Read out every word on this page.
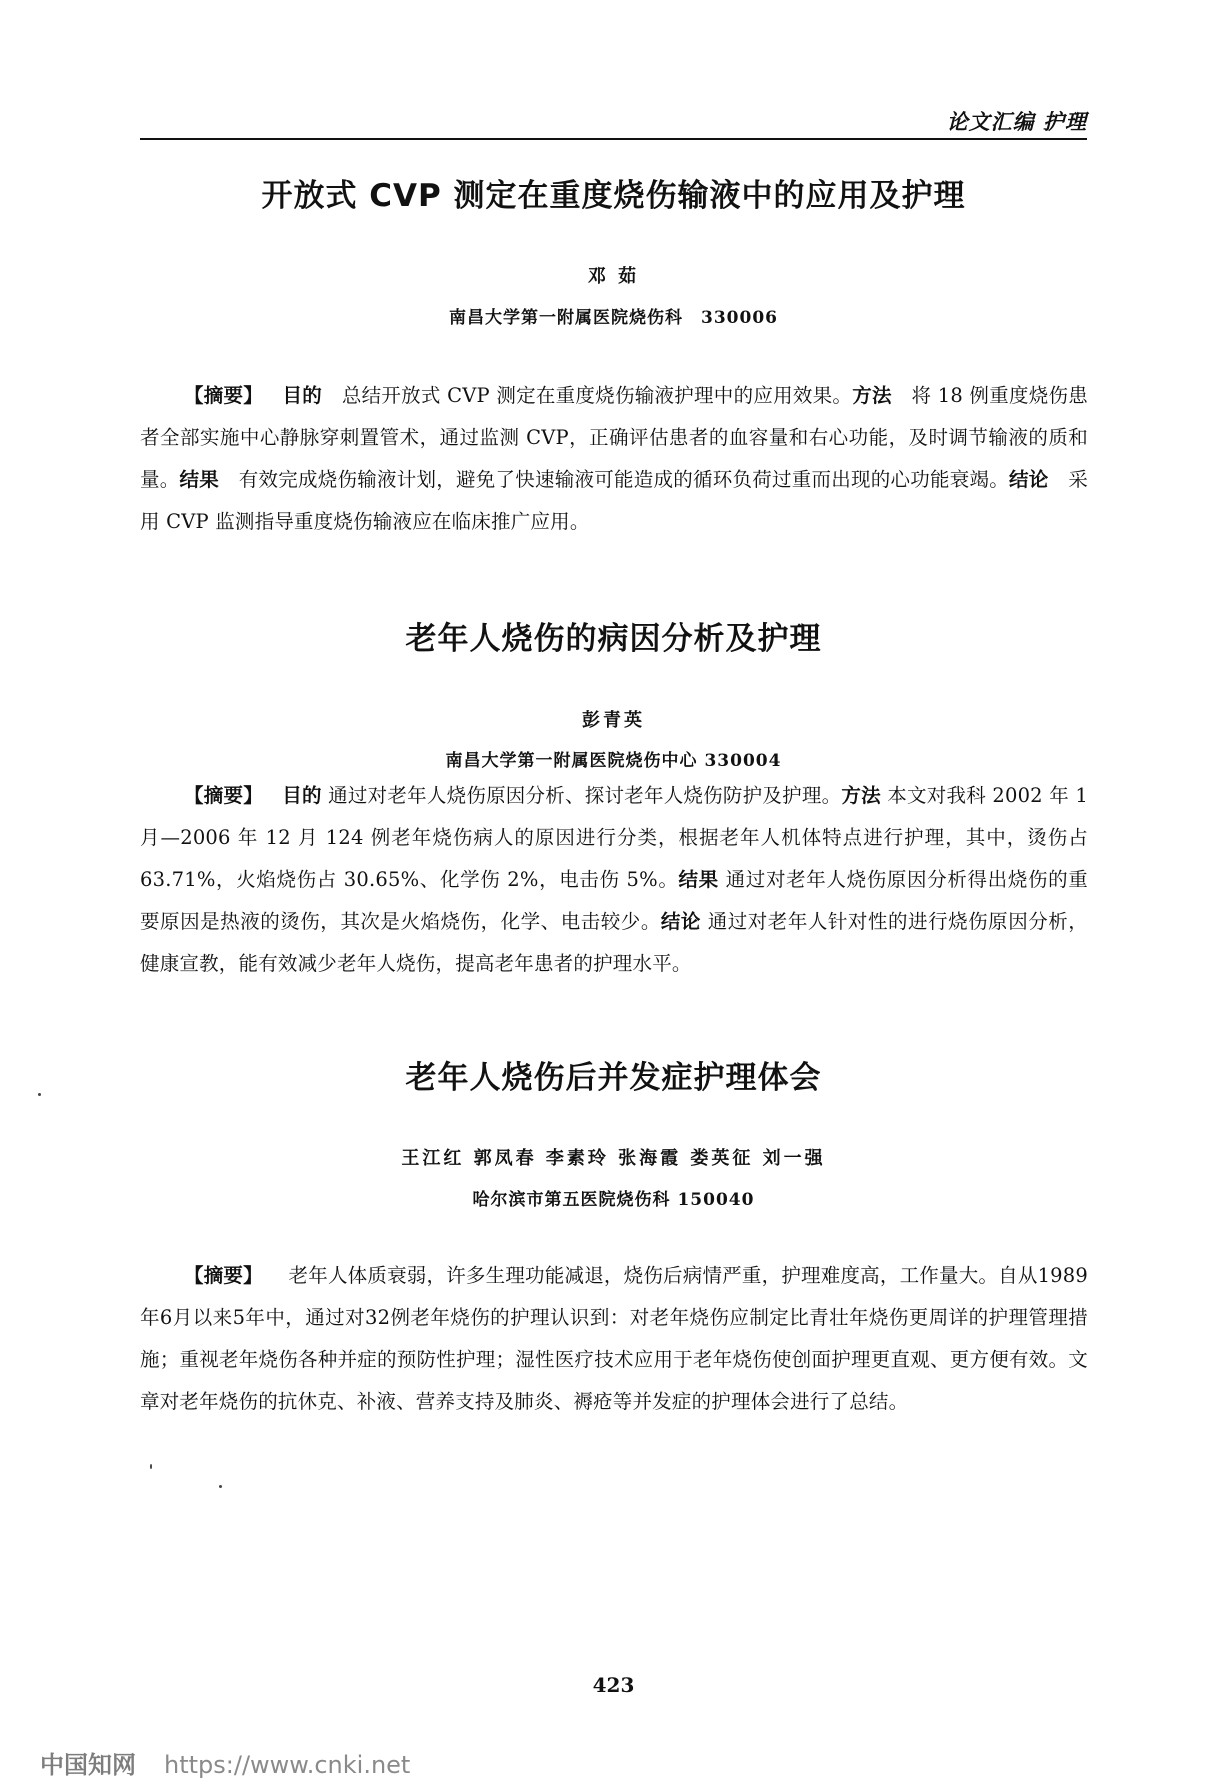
论文汇编 护理
开放式 CVP 测定在重度烧伤输液中的应用及护理

邓 茹

南昌大学第一附属医院烧伤科　330006

【摘要】 目的　总结开放式 CVP 测定在重度烧伤输液护理中的应用效果。方法　将 18 例重度烧伤患者全部实施中心静脉穿刺置管术，通过监测 CVP，正确评估患者的血容量和右心功能，及时调节输液的质和量。结果　有效完成烧伤输液计划，避免了快速输液可能造成的循环负荷过重而出现的心功能衰竭。结论　采用 CVP 监测指导重度烧伤输液应在临床推广应用。
老年人烧伤的病因分析及护理

彭青英

南昌大学第一附属医院烧伤中心 330004

【摘要】 目的 通过对老年人烧伤原因分析、探讨老年人烧伤防护及护理。方法 本文对我科 2002 年 1 月—2006 年 12 月 124 例老年烧伤病人的原因进行分类，根据老年人机体特点进行护理，其中，烫伤占 63.71%，火焰烧伤占 30.65%、化学伤 2%，电击伤 5%。结果 通过对老年人烧伤原因分析得出烧伤的重要原因是热液的烫伤，其次是火焰烧伤，化学、电击较少。结论 通过对老年人针对性的进行烧伤原因分析，健康宣教，能有效减少老年人烧伤，提高老年患者的护理水平。
老年人烧伤后并发症护理体会

王江红 郭凤春 李素玲 张海霞 娄英征 刘一强

哈尔滨市第五医院烧伤科 150040

【摘要】 老年人体质衰弱，许多生理功能减退，烧伤后病情严重，护理难度高，工作量大。自从1989年6月以来5年中，通过对32例老年烧伤的护理认识到：对老年烧伤应制定比青壮年烧伤更周详的护理管理措施；重视老年烧伤各种并症的预防性护理；湿性医疗技术应用于老年烧伤使创面护理更直观、更方便有效。文章对老年烧伤的抗休克、补液、营养支持及肺炎、褥疮等并发症的护理体会进行了总结。
423
中国知网 https://www.cnki.net
